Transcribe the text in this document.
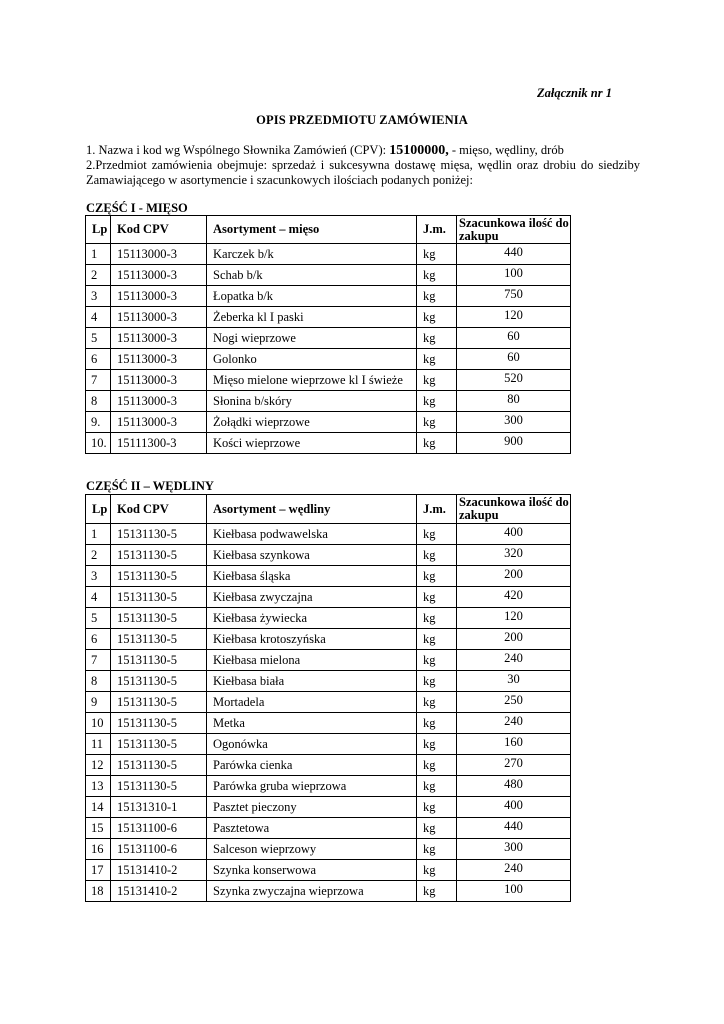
Załącznik nr 1
OPIS PRZEDMIOTU ZAMÓWIENIA
1. Nazwa i kod wg Wspólnego Słownika Zamówień (CPV): 15100000, - mięso, wędliny, drób
2.Przedmiot zamówienia obejmuje: sprzedaż i sukcesywna dostawę mięsa, wędlin oraz drobiu do siedziby Zamawiającego w asortymencie i szacunkowych ilościach podanych poniżej:
CZĘŚĆ I - MIĘSO
Lp	Kod CPV	Asortyment – mięso	J.m.	Szacunkowa ilość do zakupu
1	15113000-3	Karczek b/k	kg	440
2	15113000-3	Schab b/k	kg	100
3	15113000-3	Łopatka b/k	kg	750
4	15113000-3	Żeberka kl I paski	kg	120
5	15113000-3	Nogi wieprzowe	kg	60
6	15113000-3	Golonko	kg	60
7	15113000-3	Mięso mielone wieprzowe kl I świeże	kg	520
8	15113000-3	Słonina b/skóry	kg	80
9.	15113000-3	Żołądki wieprzowe	kg	300
10.	15111300-3	Kości wieprzowe	kg	900
CZĘŚĆ II – WĘDLINY
Lp	Kod CPV	Asortyment – wędliny	J.m.	Szacunkowa ilość do zakupu
1	15131130-5	Kiełbasa podwawelska	kg	400
2	15131130-5	Kiełbasa szynkowa	kg	320
3	15131130-5	Kiełbasa śląska	kg	200
4	15131130-5	Kiełbasa zwyczajna	kg	420
5	15131130-5	Kiełbasa żywiecka	kg	120
6	15131130-5	Kiełbasa krotoszyńska	kg	200
7	15131130-5	Kiełbasa mielona	kg	240
8	15131130-5	Kiełbasa biała	kg	30
9	15131130-5	Mortadela	kg	250
10	15131130-5	Metka	kg	240
11	15131130-5	Ogonówka	kg	160
12	15131130-5	Parówka cienka	kg	270
13	15131130-5	Parówka gruba wieprzowa	kg	480
14	15131310-1	Pasztet pieczony	kg	400
15	15131100-6	Pasztetowa	kg	440
16	15131100-6	Salceson wieprzowy	kg	300
17	15131410-2	Szynka konserwowa	kg	240
18	15131410-2	Szynka zwyczajna wieprzowa	kg	100
